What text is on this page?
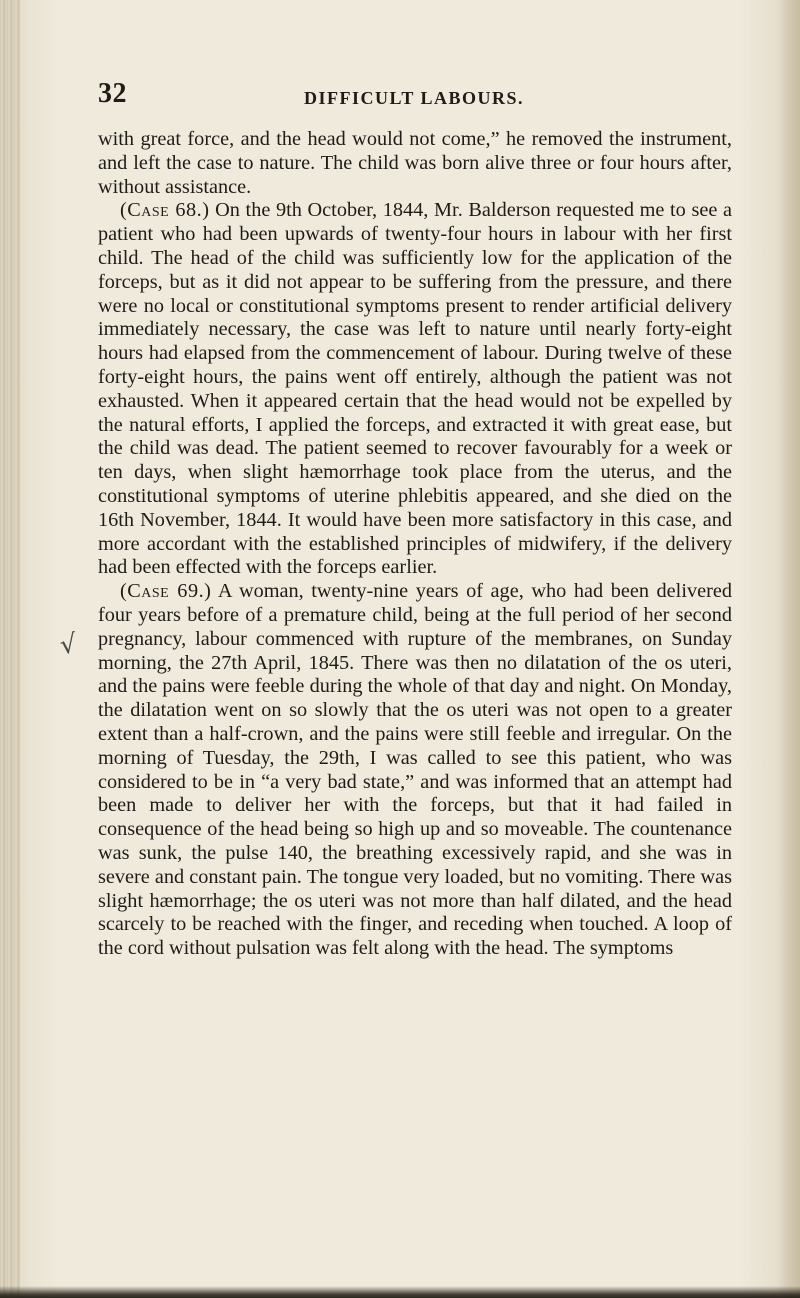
32	DIFFICULT LABOURS.
√

with great force, and the head would not come,” he removed the instrument, and left the case to nature. The child was born alive three or four hours after, without assistance.

(Case 68.) On the 9th October, 1844, Mr. Balderson requested me to see a patient who had been upwards of twenty-four hours in labour with her first child. The head of the child was sufficiently low for the application of the forceps, but as it did not appear to be suffering from the pressure, and there were no local or constitutional symptoms present to render artificial delivery immediately necessary, the case was left to nature until nearly forty-eight hours had elapsed from the commencement of labour. During twelve of these forty-eight hours, the pains went off entirely, although the patient was not exhausted. When it appeared certain that the head would not be expelled by the natural efforts, I applied the forceps, and extracted it with great ease, but the child was dead. The patient seemed to recover favourably for a week or ten days, when slight hæmorrhage took place from the uterus, and the constitutional symptoms of uterine phlebitis appeared, and she died on the 16th November, 1844. It would have been more satisfactory in this case, and more accordant with the established principles of midwifery, if the delivery had been effected with the forceps earlier.

(Case 69.) A woman, twenty-nine years of age, who had been delivered four years before of a premature child, being at the full period of her second pregnancy, labour commenced with rupture of the membranes, on Sunday morning, the 27th April, 1845. There was then no dilatation of the os uteri, and the pains were feeble during the whole of that day and night. On Monday, the dilatation went on so slowly that the os uteri was not open to a greater extent than a half-crown, and the pains were still feeble and irregular. On the morning of Tuesday, the 29th, I was called to see this patient, who was considered to be in “a very bad state,” and was informed that an attempt had been made to deliver her with the forceps, but that it had failed in consequence of the head being so high up and so moveable. The countenance was sunk, the pulse 140, the breathing excessively rapid, and she was in severe and constant pain. The tongue very loaded, but no vomiting. There was slight hæmorrhage; the os uteri was not more than half dilated, and the head scarcely to be reached with the finger, and receding when touched. A loop of the cord without pulsation was felt along with the head. The symptoms
